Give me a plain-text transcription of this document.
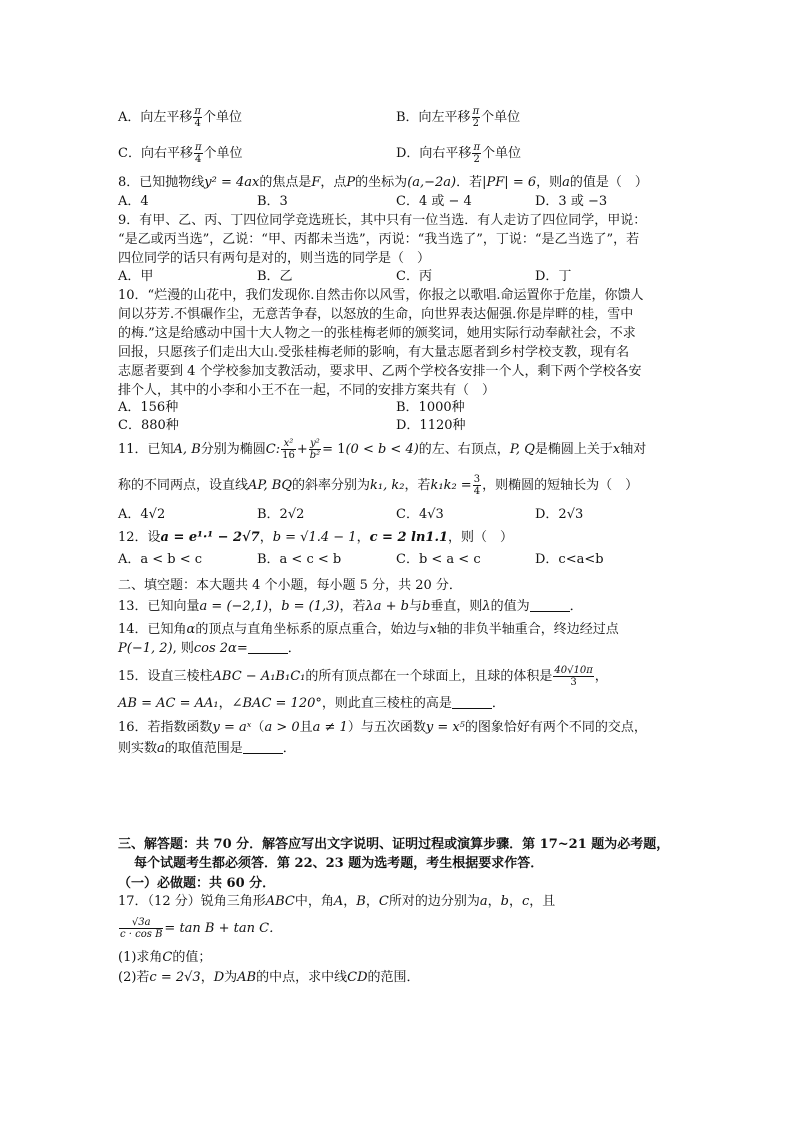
A．向左平移 $\frac{\pi}{4}$ 个单位	B．向左平移 $\frac{\pi}{2}$ 个单位
C．向右平移 $\frac{\pi}{4}$ 个单位	D．向右平移 $\frac{\pi}{2}$ 个单位
8．已知抛物线y² = 4ax的焦点是F，点P的坐标为(a,−2a)．若|PF| = 6，则a的值是（　）
A．4	B．3	C．4 或 − 4	D．3 或 −3
9．有甲、乙、丙、丁四位同学竞选班长，其中只有一位当选．有人走访了四位同学，甲说：
“是乙或丙当选”，乙说：“甲、丙都未当选”，丙说：“我当选了”，丁说：“是乙当选了”，若
四位同学的话只有两句是对的，则当选的同学是（　）
A．甲	B．乙	C．丙	D．丁
10．“烂漫的山花中，我们发现你.自然击你以风雪，你报之以歌唱.命运置你于危崖，你馈人
间以芬芳.不惧碾作尘，无意苦争春，以怒放的生命，向世界表达倔强.你是岸畔的桂，雪中
的梅.”这是给感动中国十大人物之一的张桂梅老师的颁奖词，她用实际行动奉献社会，不求
回报，只愿孩子们走出大山.受张桂梅老师的影响，有大量志愿者到乡村学校支教，现有名
志愿者要到 4 个学校参加支教活动，要求甲、乙两个学校各安排一个人，剩下两个学校各安
排个人，其中的小李和小王不在一起，不同的安排方案共有（　）
A．156种	B．1000种
C．880种	D．1120种
11．已知A, B分别为椭圆C: $\frac{\text{x²}}{16} + \frac{\text{y²}}{\text{b²}} = 1(0 < b < 4)$的左、右顶点，P, Q是椭圆上关于x轴对
称的不同两点，设直线AP, BQ的斜率分别为k₁, k₂，若$k_1k_2 = \frac{3}{4}$ ，则椭圆的短轴长为（　）
A．4√2	B．2√2	C．4√3	D．2√3
12．设a = e¹·¹ − 2√7，b = √1.4 − 1，c = 2 ln1.1，则（　）
A．a < b < c	B．a < c < b	C．b < a < c	D．c<a<b
二、填空题：本大题共 4 个小题，每小题 5 分，共 20 分．
13．已知向量a = (−2,1)，b = (1,3)，若λa + b与b垂直，则λ的值为	．
14．已知角α的顶点与直角坐标系的原点重合，始边与x轴的非负半轴重合，终边经过点
P(−1, 2), 则cos 2α=	．
15．设直三棱柱ABC − A₁B₁C₁的所有顶点都在一个球面上，且球的体积是 $\frac{40√10\pi}{3}$ ，
AB = AC = AA₁，∠BAC = 120°，则此直三棱柱的高是	．
16．若指数函数y = aˣ（a > 0且a ≠ 1）与五次函数y = x⁵的图象恰好有两个不同的交点，
则实数a的取值范围是	．
三、解答题：共 70 分．解答应写出文字说明、证明过程或演算步骤．第 17~21 题为必考题，
每个试题考生都必须答．第 22、23 题为选考题，考生根据要求作答．
（一）必做题：共 60 分．
17．（12 分）锐角三角形ABC中，角A，B，C所对的边分别为a，b，c，且
$\frac{√3a}{\text{c · cos B}} = \tan B + \tan C$．
(1)求角C的值；
(2)若c = 2√3，D为AB的中点，求中线CD的范围．
